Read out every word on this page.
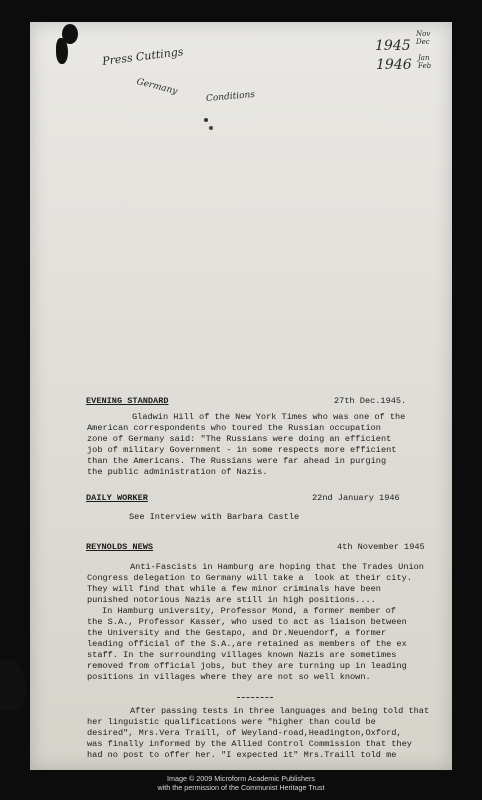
Press Cuttings
Germany
Conditions
1945
1946
Nov Dec
Jan Feb
EVENING STANDARD	27th Dec.1945.
Gladwin Hill of the New York Times who was one of the
American correspondents who toured the Russian occupation
zone of Germany said: "The Russians were doing an efficient
job of military Government - in some respects more efficient
than the Americans. The Russians were far ahead in purging
the public administration of Nazis.
DAILY WORKER	22nd January 1946
See Interview with Barbara Castle
REYNOLDS NEWS	4th November 1945
Anti-Fascists in Hamburg are hoping that the Trades Union
Congress delegation to Germany will take a  look at their city.
They will find that while a few minor criminals have been
punished notorious Nazis are still in high positions....
In Hamburg university, Professor Mond, a former member of
the S.A., Professor Kasser, who used to act as liaison between
the University and the Gestapo, and Dr.Neuendorf, a former
leading official of the S.A.,are retained as members of the ex
staff. In the surrounding villages known Nazis are sometimes
removed from official jobs, but they are turning up in leading
positions in villages where they are not so well known.
After passing tests in three languages and being told that
her linguistic qualifications were "higher than could be
desired", Mrs.Vera Traill, of Weyland-road,Headington,Oxford,
was finally informed by the Allied Control Commission that they
had no post to offer her. "I expected it" Mrs.Traill told me
Image © 2009 Microform Academic Publishers
with the permission of the Communist Heritage Trust
